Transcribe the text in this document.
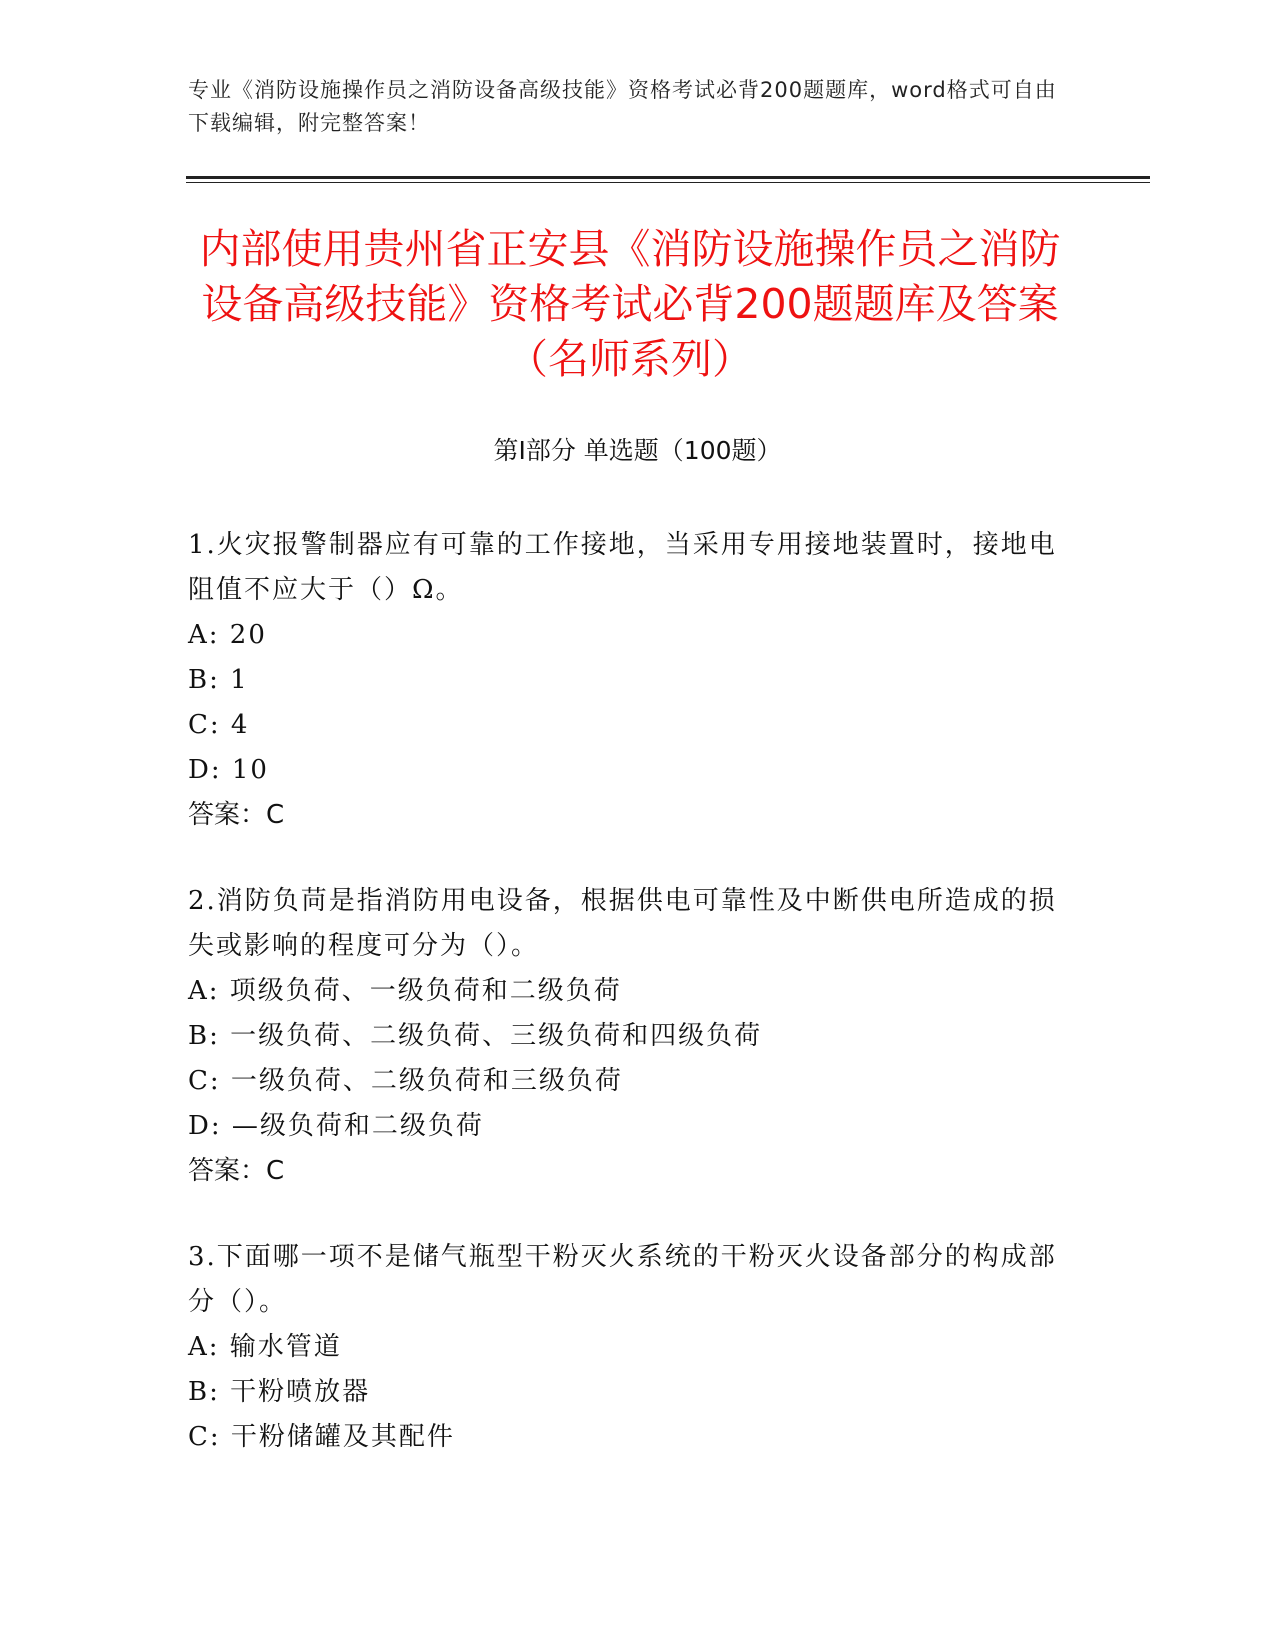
专业《消防设施操作员之消防设备高级技能》资格考试必背200题题库，word格式可自由下载编辑，附完整答案！
内部使用贵州省正安县《消防设施操作员之消防设备高级技能》资格考试必背200题题库及答案（名师系列）
第I部分 单选题（100题）
1.火灾报警制器应有可靠的工作接地，当采用专用接地装置时，接地电阻值不应大于（）Ω。
A: 20
B: 1
C: 4
D: 10
答案：C
2.消防负苘是指消防用电设备，根据供电可靠性及中断供电所造成的损失或影响的程度可分为（）。
A: 项级负荷、一级负荷和二级负荷
B: 一级负荷、二级负荷、三级负荷和四级负荷
C: 一级负荷、二级负荷和三级负荷
D: —级负荷和二级负荷
答案：C
3.下面哪一项不是储气瓶型干粉灭火系统的干粉灭火设备部分的构成部分（）。
A: 输水管道
B: 干粉喷放器
C: 干粉储罐及其配件
